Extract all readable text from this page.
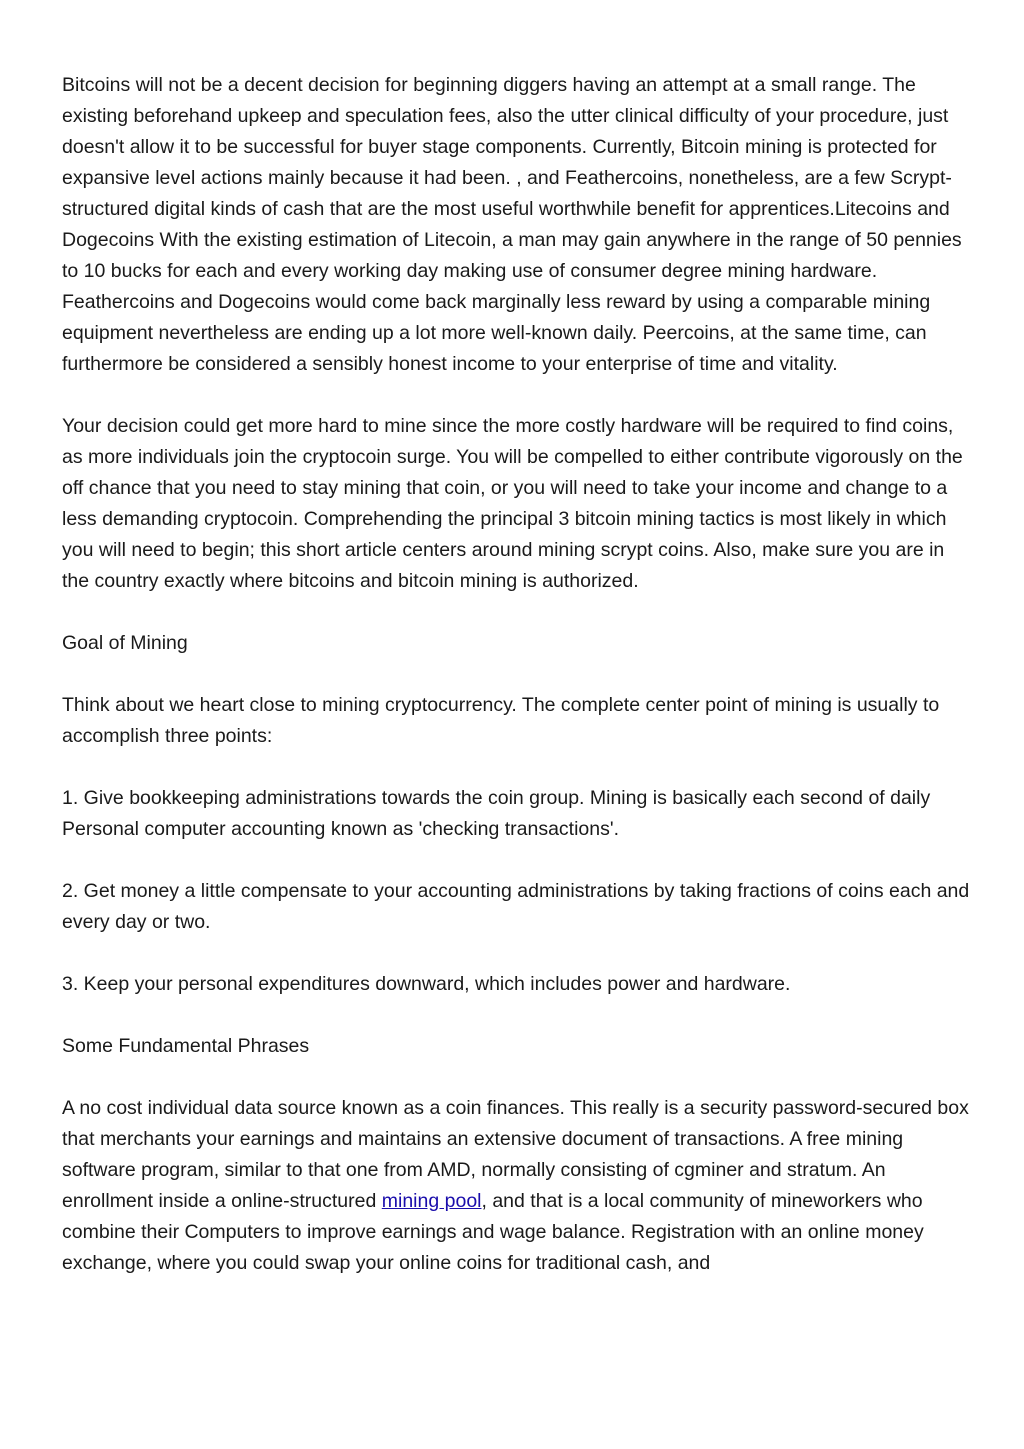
Bitcoins will not be a decent decision for beginning diggers having an attempt at a small range. The existing beforehand upkeep and speculation fees, also the utter clinical difficulty of your procedure, just doesn't allow it to be successful for buyer stage components. Currently, Bitcoin mining is protected for expansive level actions mainly because it had been. , and Feathercoins, nonetheless, are a few Scrypt-structured digital kinds of cash that are the most useful worthwhile benefit for apprentices.Litecoins and Dogecoins With the existing estimation of Litecoin, a man may gain anywhere in the range of 50 pennies to 10 bucks for each and every working day making use of consumer degree mining hardware. Feathercoins and Dogecoins would come back marginally less reward by using a comparable mining equipment nevertheless are ending up a lot more well-known daily. Peercoins, at the same time, can furthermore be considered a sensibly honest income to your enterprise of time and vitality.

Your decision could get more hard to mine since the more costly hardware will be required to find coins, as more individuals join the cryptocoin surge. You will be compelled to either contribute vigorously on the off chance that you need to stay mining that coin, or you will need to take your income and change to a less demanding cryptocoin. Comprehending the principal 3 bitcoin mining tactics is most likely in which you will need to begin; this short article centers around mining scrypt coins. Also, make sure you are in the country exactly where bitcoins and bitcoin mining is authorized.

Goal of Mining

Think about we heart close to mining cryptocurrency. The complete center point of mining is usually to accomplish three points:

1. Give bookkeeping administrations towards the coin group. Mining is basically each second of daily Personal computer accounting known as 'checking transactions'.

2. Get money a little compensate to your accounting administrations by taking fractions of coins each and every day or two.

3. Keep your personal expenditures downward, which includes power and hardware.

Some Fundamental Phrases

A no cost individual data source known as a coin finances. This really is a security password-secured box that merchants your earnings and maintains an extensive document of transactions. A free mining software program, similar to that one from AMD, normally consisting of cgminer and stratum. An enrollment inside a online-structured mining pool, and that is a local community of mineworkers who combine their Computers to improve earnings and wage balance. Registration with an online money exchange, where you could swap your online coins for traditional cash, and
